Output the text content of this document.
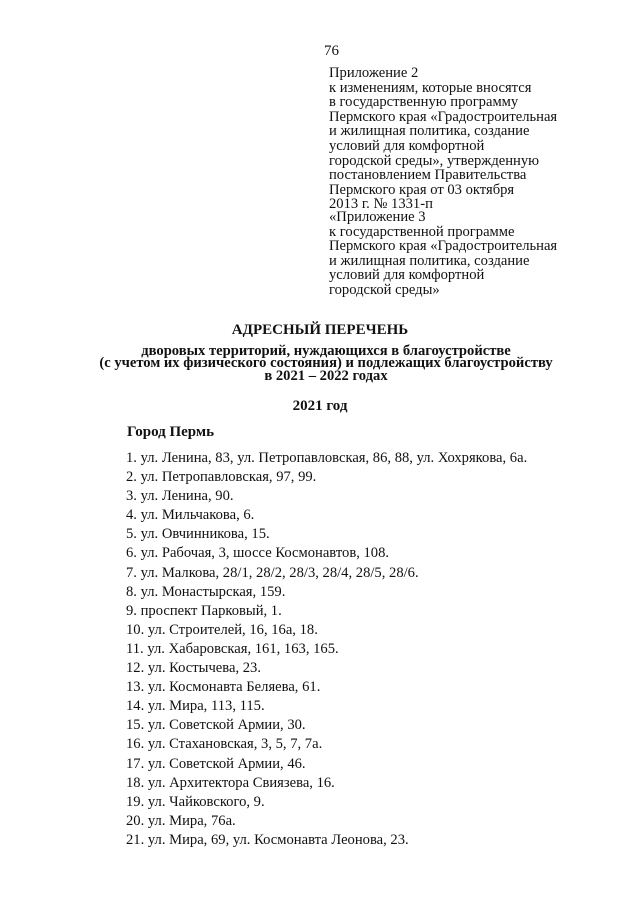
76
Приложение 2
к изменениям, которые вносятся
в государственную программу
Пермского края «Градостроительная
и жилищная политика, создание
условий для комфортной
городской среды», утвержденную
постановлением Правительства
Пермского края от 03 октября
2013 г. № 1331-п
«Приложение 3
к государственной программе
Пермского края «Градостроительная
и жилищная политика, создание
условий для комфортной
городской среды»
АДРЕСНЫЙ ПЕРЕЧЕНЬ
дворовых территорий, нуждающихся в благоустройстве
(с учетом их физического состояния) и подлежащих благоустройству
в 2021 – 2022 годах
2021 год
Город Пермь
1. ул. Ленина, 83, ул. Петропавловская, 86, 88, ул. Хохрякова, 6а.
2. ул. Петропавловская, 97, 99.
3. ул. Ленина, 90.
4. ул. Мильчакова, 6.
5. ул. Овчинникова, 15.
6. ул. Рабочая, 3, шоссе Космонавтов, 108.
7. ул. Малкова, 28/1, 28/2, 28/3, 28/4, 28/5, 28/6.
8. ул. Монастырская, 159.
9. проспект Парковый, 1.
10. ул. Строителей, 16, 16а, 18.
11. ул. Хабаровская, 161, 163, 165.
12. ул. Костычева, 23.
13. ул. Космонавта Беляева, 61.
14. ул. Мира, 113, 115.
15. ул. Советской Армии, 30.
16. ул. Стахановская, 3, 5, 7, 7а.
17. ул. Советской Армии, 46.
18. ул. Архитектора Свиязева, 16.
19. ул. Чайковского, 9.
20. ул. Мира, 76а.
21. ул. Мира, 69, ул. Космонавта Леонова, 23.
